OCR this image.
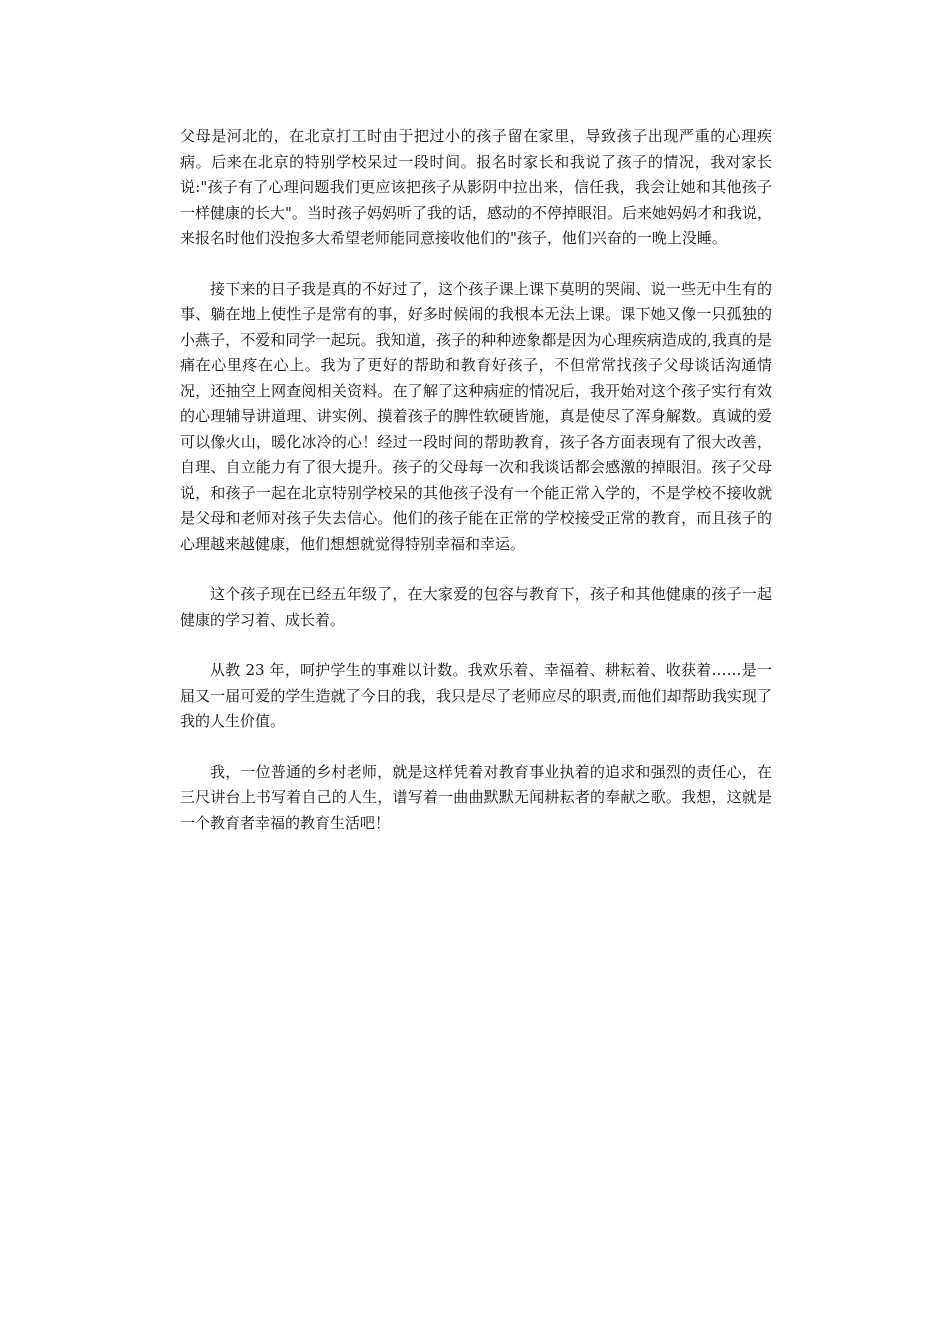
父母是河北的，在北京打工时由于把过小的孩子留在家里，导致孩子出现严重的心理疾病。后来在北京的特别学校呆过一段时间。报名时家长和我说了孩子的情况，我对家长说:"孩子有了心理问题我们更应该把孩子从影阴中拉出来，信任我，我会让她和其他孩子一样健康的长大"。当时孩子妈妈听了我的话，感动的不停掉眼泪。后来她妈妈才和我说，来报名时他们没抱多大希望老师能同意接收他们的"孩子，他们兴奋的一晚上没睡。

接下来的日子我是真的不好过了，这个孩子课上课下莫明的哭闹、说一些无中生有的事、躺在地上使性子是常有的事，好多时候闹的我根本无法上课。课下她又像一只孤独的小燕子，不爱和同学一起玩。我知道，孩子的种种迹象都是因为心理疾病造成的,我真的是痛在心里疼在心上。我为了更好的帮助和教育好孩子，不但常常找孩子父母谈话沟通情况，还抽空上网查阅相关资料。在了解了这种病症的情况后，我开始对这个孩子实行有效的心理辅导讲道理、讲实例、摸着孩子的脾性软硬皆施，真是使尽了浑身解数。真诚的爱可以像火山，暖化冰冷的心！经过一段时间的帮助教育，孩子各方面表现有了很大改善，自理、自立能力有了很大提升。孩子的父母每一次和我谈话都会感激的掉眼泪。孩子父母说，和孩子一起在北京特别学校呆的其他孩子没有一个能正常入学的，不是学校不接收就是父母和老师对孩子失去信心。他们的孩子能在正常的学校接受正常的教育，而且孩子的心理越来越健康，他们想想就觉得特别幸福和幸运。

这个孩子现在已经五年级了，在大家爱的包容与教育下，孩子和其他健康的孩子一起健康的学习着、成长着。

从教 23 年，呵护学生的事难以计数。我欢乐着、幸福着、耕耘着、收获着……是一届又一届可爱的学生造就了今日的我，我只是尽了老师应尽的职责,而他们却帮助我实现了我的人生价值。

我，一位普通的乡村老师，就是这样凭着对教育事业执着的追求和强烈的责任心，在三尺讲台上书写着自己的人生，谱写着一曲曲默默无闻耕耘者的奉献之歌。我想，这就是一个教育者幸福的教育生活吧！
